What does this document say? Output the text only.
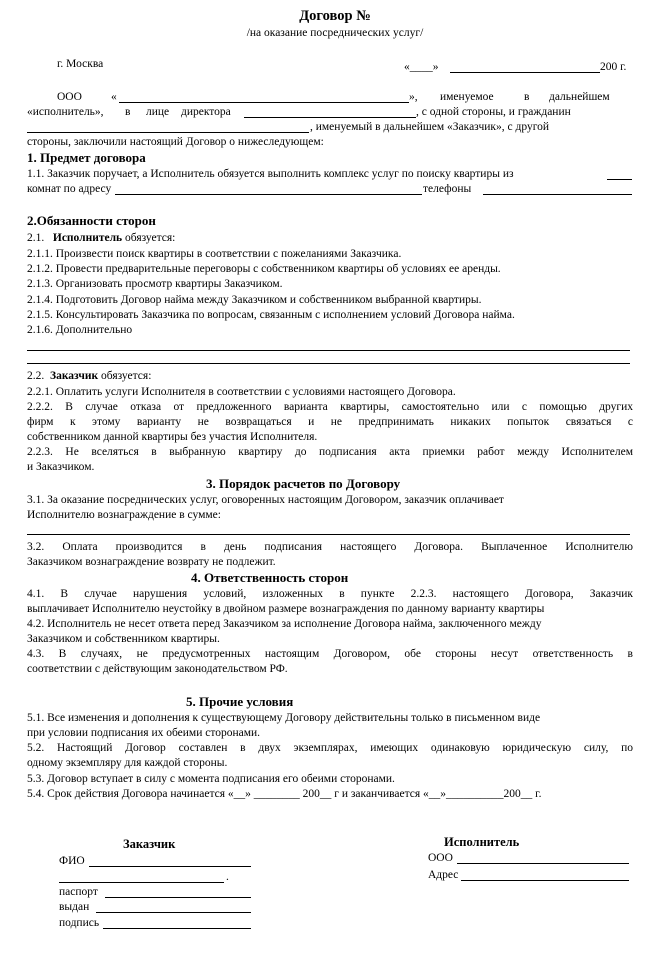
Договор №
/на оказание посреднических услуг/
г. Москва	«____»	200 г.
ООО	«	», именуемое	в дальнейшем
«исполнитель», в лице директора	, с одной стороны, и гражданин
, именуемый в дальнейшем «Заказчик», с другой
стороны, заключили настоящий Договор о нижеследующем:
1. Предмет договора
1.1. Заказчик поручает, а Исполнитель обязуется выполнить комплекс услуг по поиску квартиры из
комнат по адресу	телефоны
2.Обязанности сторон
2.1. Исполнитель обязуется:
2.1.1. Произвести поиск квартиры в соответствии с пожеланиями Заказчика.
2.1.2. Провести предварительные переговоры с собственником квартиры об условиях ее аренды.
2.1.3. Организовать просмотр квартиры Заказчиком.
2.1.4. Подготовить Договор найма между Заказчиком и собственником выбранной квартиры.
2.1.5. Консультировать Заказчика по вопросам, связанным с исполнением условий Договора найма.
2.1.6. Дополнительно
2.2. Заказчик обязуется:
2.2.1. Оплатить услуги Исполнителя в соответствии с условиями настоящего Договора.
2.2.2. В случае отказа от предложенного варианта квартиры, самостоятельно или с помощью других
фирм к этому варианту не возвращаться и не предпринимать никаких попыток связаться с
собственником данной квартиры без участия Исполнителя.
2.2.3. Не вселяться в выбранную квартиру до подписания акта приемки работ между Исполнителем
и Заказчиком.
3. Порядок расчетов по Договору
3.1. За оказание посреднических услуг, оговоренных настоящим Договором, заказчик оплачивает
Исполнителю вознаграждение в сумме:
3.2. Оплата производится в день подписания настоящего Договора. Выплаченное Исполнителю
Заказчиком вознаграждение возврату не подлежит.
4. Ответственность сторон
4.1. В случае нарушения условий, изложенных в пункте 2.2.3. настоящего Договора, Заказчик
выплачивает Исполнителю неустойку в двойном размере вознаграждения по данному варианту квартиры
4.2. Исполнитель не несет ответа перед Заказчиком за исполнение Договора найма, заключенного между
Заказчиком и собственником квартиры.
4.3. В случаях, не предусмотренных настоящим Договором, обе стороны несут ответственность в
соответствии с действующим законодательством РФ.
5. Прочие условия
5.1. Все изменения и дополнения к существующему Договору действительны только в письменном виде
при условии подписания их обеими сторонами.
5.2. Настоящий Договор составлен в двух экземплярах, имеющих одинаковую юридическую силу, по
одному экземпляру для каждой стороны.
5.3. Договор вступает в силу с момента подписания его обеими сторонами.
5.4. Срок действия Договора начинается «__» ________ 200__ г и заканчивается «__»__________200__ г.
Заказчик
ФИО
.
паспорт
выдан
подпись
Исполнитель
ООО
Адрес
